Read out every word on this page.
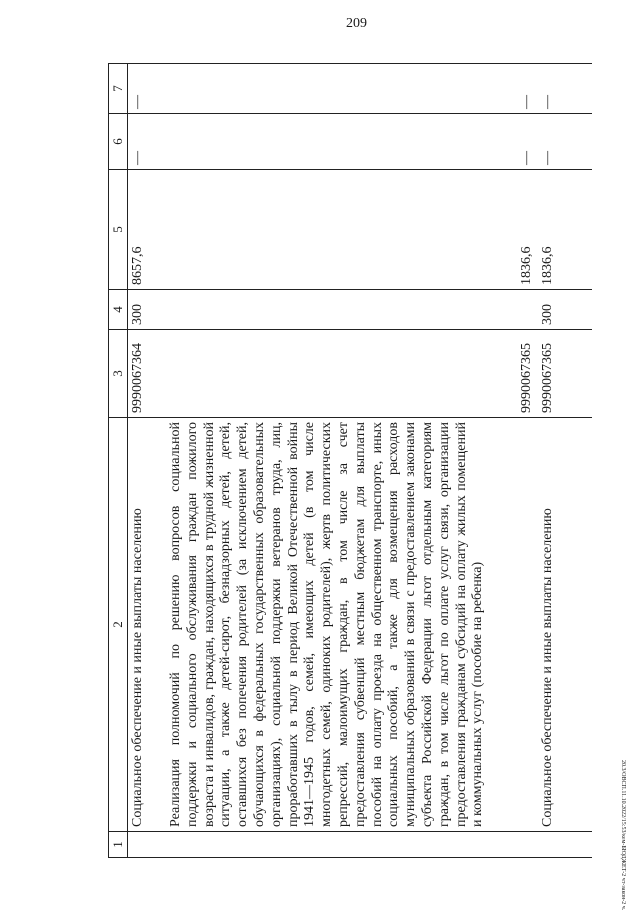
209
20.3/ОВСП.11.10.2022/15:53/кем-БЮДЖЕТ-2 чт-закон-2 ч.
1	2	3	4	5	6	7
	Социальное обеспечение и иные выплаты населению	9990067364	300	8657,6	—	—
	Реализация полномочий по решению вопросов социальной поддержки и социального обслуживания граждан пожилого возраста и инвалидов, граждан, находящихся в трудной жизненной ситуации, а также детей-сирот, безнадзорных детей, детей, оставшихся без попечения родителей (за исключением детей, обучающихся в федеральных государственных образовательных организациях), социальной поддержки ветеранов труда, лиц, проработавших в тылу в период Великой Отечественной войны 1941—1945 годов, семей, имеющих детей (в том числе многодетных семей, одиноких родителей), жертв политических репрессий, малоимущих граждан, в том числе за счет предоставления субвенций местным бюджетам для выплаты пособий на оплату проезда на общественном транспорте, иных социальных пособий, а также для возмещения расходов муниципальных образований в связи с предоставлением законами субъекта Российской Федерации льгот отдельным категориям граждан, в том числе льгот по оплате услуг связи, организации предоставления гражданам субсидий на оплату жилых помещений и коммунальных услуг (пособие на ребенка)	9990067365		1836,6	—	—
	Социальное обеспечение и иные выплаты населению	9990067365	300	1836,6	—	—
